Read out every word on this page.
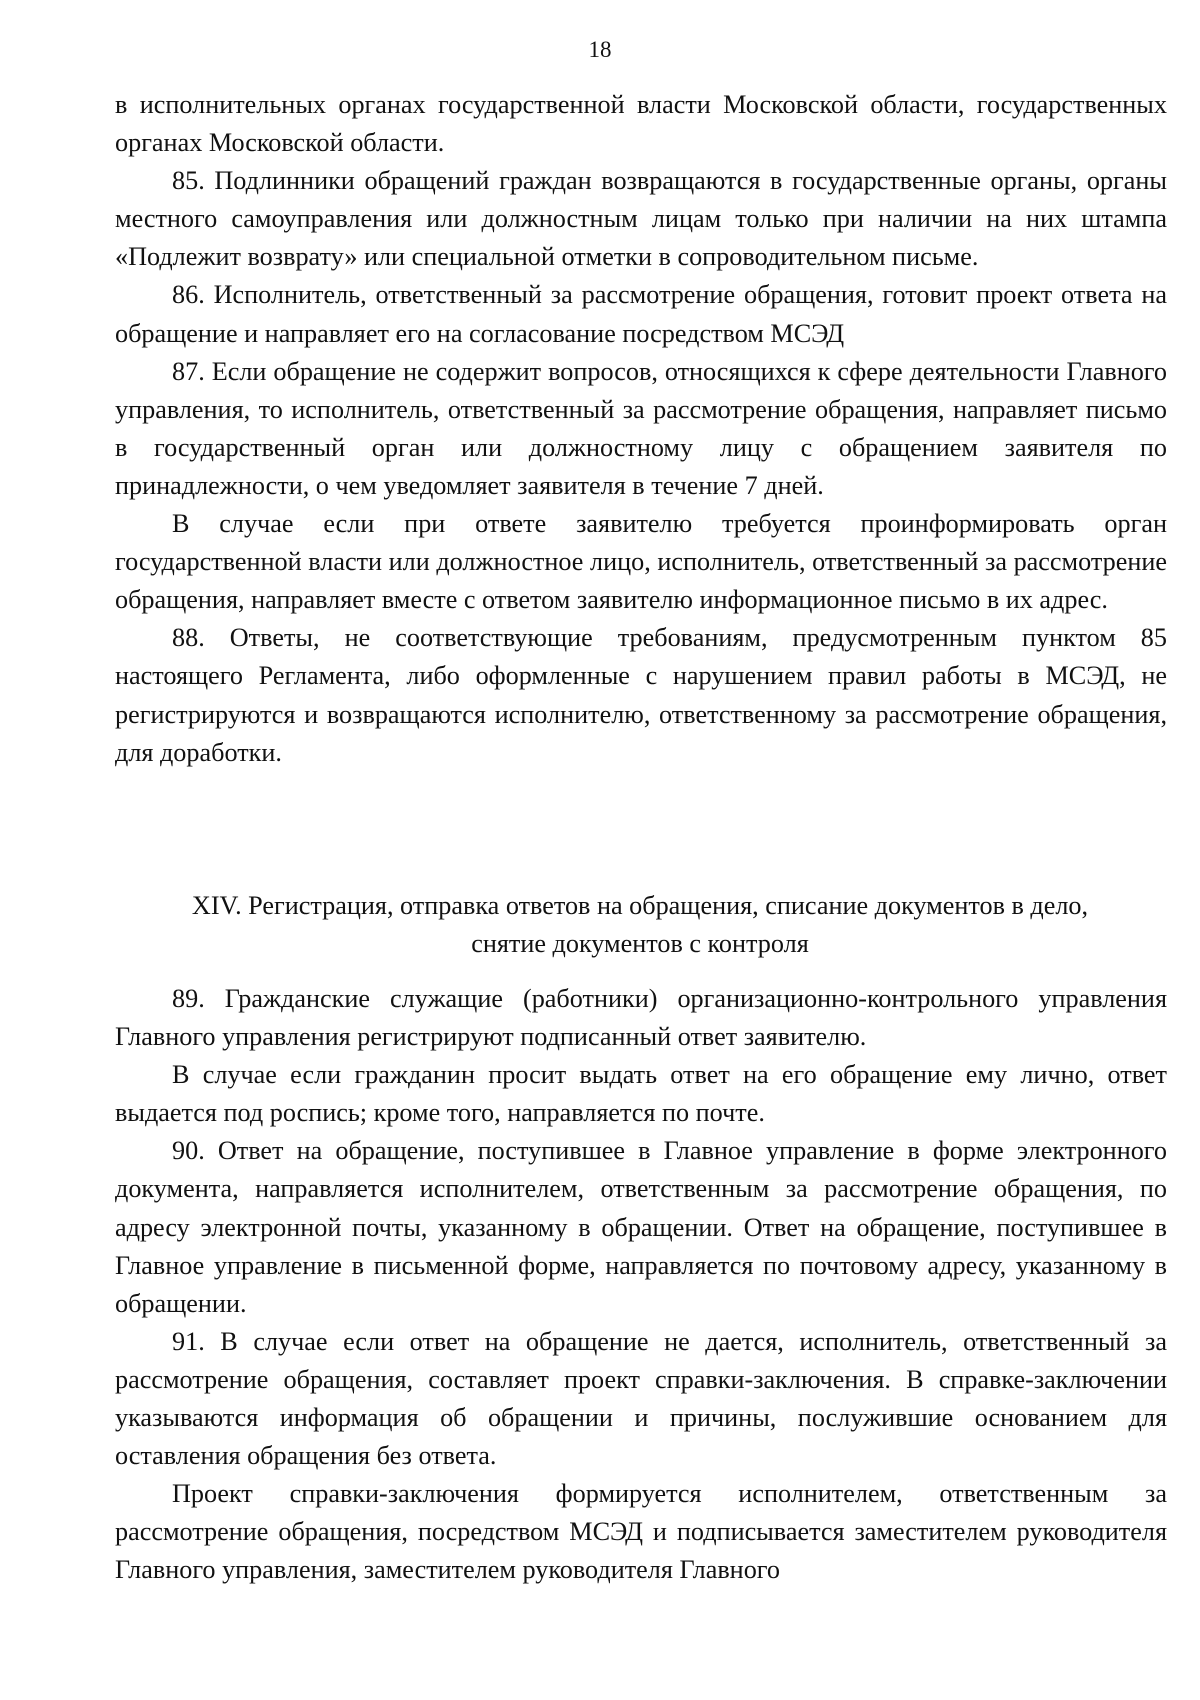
18

в исполнительных органах государственной власти Московской области, государственных органах Московской области.

85. Подлинники обращений граждан возвращаются в государственные органы, органы местного самоуправления или должностным лицам только при наличии на них штампа «Подлежит возврату» или специальной отметки в сопроводительном письме.

86. Исполнитель, ответственный за рассмотрение обращения, готовит проект ответа на обращение и направляет его на согласование посредством МСЭД

87. Если обращение не содержит вопросов, относящихся к сфере деятельности Главного управления, то исполнитель, ответственный за рассмотрение обращения, направляет письмо в государственный орган или должностному лицу с обращением заявителя по принадлежности, о чем уведомляет заявителя в течение 7 дней.

В случае если при ответе заявителю требуется проинформировать орган государственной власти или должностное лицо, исполнитель, ответственный за рассмотрение обращения, направляет вместе с ответом заявителю информационное письмо в их адрес.

88. Ответы, не соответствующие требованиям, предусмотренным пунктом 85 настоящего Регламента, либо оформленные с нарушением правил работы в МСЭД, не регистрируются и возвращаются исполнителю, ответственному за рассмотрение обращения, для доработки.

XIV. Регистрация, отправка ответов на обращения, списание документов в дело,
снятие документов с контроля

89. Гражданские служащие (работники) организационно-контрольного управления Главного управления регистрируют подписанный ответ заявителю.

В случае если гражданин просит выдать ответ на его обращение ему лично, ответ выдается под роспись; кроме того, направляется по почте.

90. Ответ на обращение, поступившее в Главное управление в форме электронного документа, направляется исполнителем, ответственным за рассмотрение обращения, по адресу электронной почты, указанному в обращении. Ответ на обращение, поступившее в Главное управление в письменной форме, направляется по почтовому адресу, указанному в обращении.

91. В случае если ответ на обращение не дается, исполнитель, ответственный за рассмотрение обращения, составляет проект справки-заключения. В справке-заключении указываются информация об обращении и причины, послужившие основанием для оставления обращения без ответа.

Проект справки-заключения формируется исполнителем, ответственным за рассмотрение обращения, посредством МСЭД и подписывается заместителем руководителя Главного управления, заместителем руководителя Главного
